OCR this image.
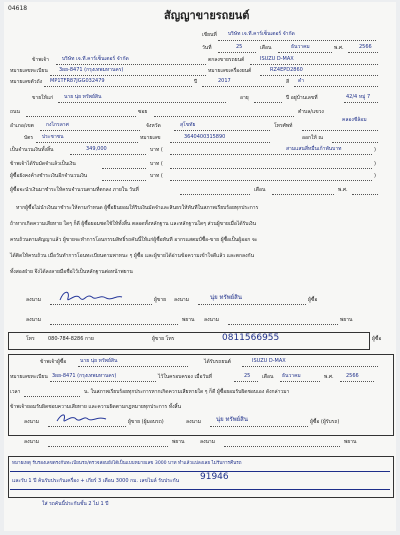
04618
สัญญาขายรถยนต์
เขียนที่ บริษัท เจ.ที.คาร์เซ็นเตอร์ จำกัด
วันที่	25	เดือน	ธันวาคม	พ.ศ.	2566
ข้าพเจ้า	บริษัท เจ.ที.คาร์เซ็นเตอร์ จำกัด	ตกลงขายรถยนต์	ISUZU D-MAX
หมายเลขทะเบียน 3ผย-8471 (กรุงเทพมหานคร)	หมายเลขเครื่องยนต์	RZ4EPD2860
หมายเลขตัวถัง MP1TFR87JGG032479	ปี	2017	สี ดำ
ขายให้แก่ นาย นุ่ย ทรัพย์สิน	อายุ	ปี อยู่บ้านเลขที่	42/4 หมู่ 7
ถนน	ซอย	ตำบล/แขวง
คลองชีล้อม
อำเภอ/เขต กงไกรลาศ	จังหวัด	สุโขทัย	โทรศัพท์
บัตร ประชาชน	หมายเลข	3640400315890	ออกให้ ณ
เป็นจำนวนเงินทั้งสิ้น	349,000	บาท (	สามแสนสี่หมื่นเก้าพันบาท	)
ข้าพเจ้าได้รับมัดจำแล้วเป็นเงิน	บาท (	)
ผู้ซื้อยังคงค้างชำระเงินอีกจำนวนเงิน	บาท (	)
ผู้ซื้อจะนำเงินมาชำระให้ครบจำนวนตามที่ตกลง ภายใน วันที่	เดือน	พ.ศ.
หากผู้ซื้อไม่นำเงินมาชำระให้ตามกำหนด ผู้ซื้อยินยอมให้ริบเงินมัดจำและสินธรให้ทันทีในสภาพเรียบร้อยทุกประการ
ถ้าหากเกิดความเสียหาย ใดๆ ก็ดี ผู้ซื้อยอมชดใช้ให้ทั้งสิ้น ตลอดทั้งหลักฐาน และหลักฐานใดๆ ส่วนผู้ขายเมื่อได้รับเงิน
ครบถ้วนตามสัญญาแล้ว ผู้ขายจะทำการโอนกรรมสิทธิ์รถคันนี้ให้แก่ผู้ซื้อทันที อากรแสตมป์ซื้อ-ขาย ผู้ซื้อเป็นผู้ออก จะ
ได้ติดให้ครบถ้วน เมื่อวันทำการโอนทะเบียนตามพาหนะ ๆ ผู้ซื้อ และผู้ขายได้อ่านข้อความเข้าใจดีแล้ว และตกลงกัน
ทั้งสองฝ่าย จึงได้ลงลายมือชื่อไว้เป็นหลักฐานต่อหน้าพยาน
ลงนาม	ผู้ขาย ลงนาม	นุ่ย ทรัพย์สิน	ผู้ซื้อ
ลงนาม	พยาน ลงนาม	พยาน
โทร	080-784-8286 กาย	ผู้ขาย โทร	0811566955	ผู้ซื้อ
ข้าพเจ้าผู้ซื้อ	นาย นุ่ย ทรัพย์สิน	ได้รับรถยนต์	ISUZU D-MAX
หมายเลขทะเบียน 3ผย-8471 (กรุงเทพมหานคร)	ไว้ในครอบครอง เมื่อวันที่	25 เดือน ธันวาคม	พ.ศ. 2566
เวลา	น. ในสภาพเรียบร้อยทุกประการหากเกิดความเสียหายใด ๆ ก็ดี ผู้ซื้อยอมรับผิดชอบเอง ดังกล่าวมา
ข้าพเจ้ายอมรับผิดชอบความเสียหาย และความผิดตามกฎหมายทุกประการ ทั้งสิ้น
ลงนาม	ผู้ขาย (ผู้มอบรถ)	ลงนาม นุ่ย ทรัพย์สิน	ผู้ซื้อ (ผู้รับรถ)
ลงนาม	พยาน	ลงนาม	พยาน
หมายเหตุ รับรองเลขตรงกับทะเบียนรถ/ตรวจสอบยังได้เป็นแบบหมายเลข 3000 บาท ทำแล้วแปลงเลย ไม่รับการคืนรถ
และรับ 1 ปี ค้นรับประกันเครื่อง + เกียร์ 3 เดือน 3000 กม. เลขไมล์ รับประกัน 91946
ใส่ รถคันนี้ประกันชั้น 2 ไม่ 1 ปี
